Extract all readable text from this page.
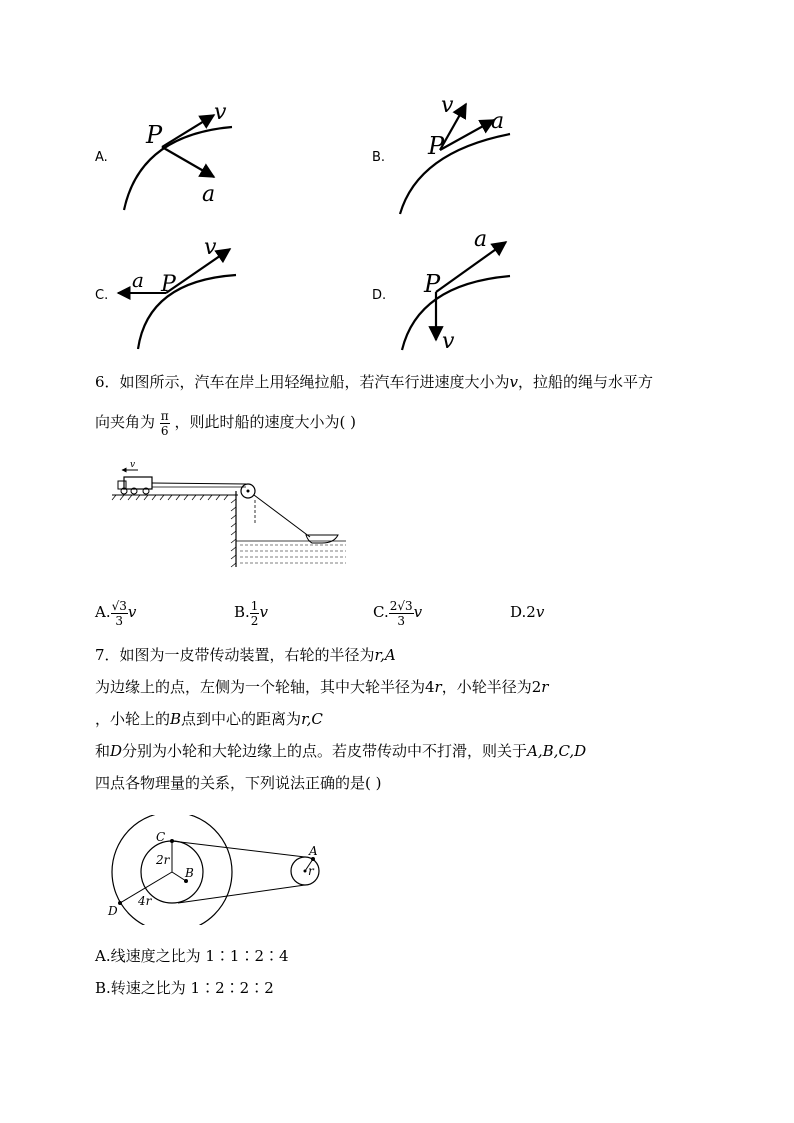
A.
P
v
a
B. P
v
a
C. P
v
a
D. P
a
v
6．如图所示，汽车在岸上用轻绳拉船，若汽车行进速度大小为v，拉船的绳与水平方
向夹角为 $\frac{\pi}{6}$ ，则此时船的速度大小为( )
v
A. $\frac{√3}{3}$ v	B. $\frac{1}{2}$ v	C. $\frac{2√3}{3}$ v	D.2v
7．如图为一皮带传动装置，右轮的半径为r,A
为边缘上的点，左侧为一个轮轴，其中大轮半径为4r，小轮半径为2r
，小轮上的B点到中心的距离为r,C
和D分别为小轮和大轮边缘上的点。若皮带传动中不打滑，则关于A,B,C,D
四点各物理量的关系，下列说法正确的是( )
C
2r
B
D
4r
A
r
A.线速度之比为 1∶1∶2∶4
B.转速之比为 1∶2∶2∶2
